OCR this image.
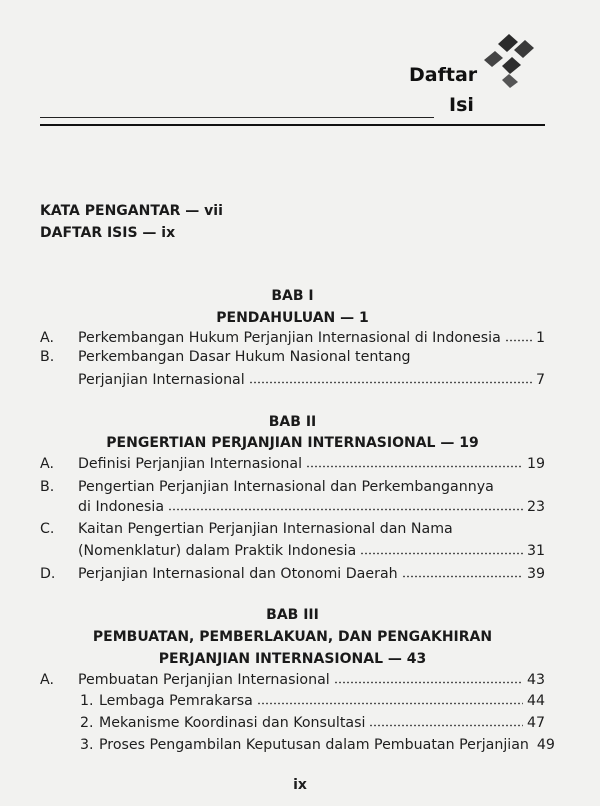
Daftar
Isi
KATA PENGANTAR — vii
DAFTAR ISIS — ix
BAB I
PENDAHULUAN — 1
A. Perkembangan Hukum Perjanjian Internasional di Indonesia 1
B. Perkembangan Dasar Hukum Nasional tentang
Perjanjian Internasional	7
BAB II
PENGERTIAN PERJANJIAN INTERNASIONAL — 19
A. Definisi Perjanjian Internasional	19
B. Pengertian Perjanjian Internasional dan Perkembangannya
di Indonesia	23
C. Kaitan Pengertian Perjanjian Internasional dan Nama
(Nomenklatur) dalam Praktik Indonesia	31
D. Perjanjian Internasional dan Otonomi Daerah	39
BAB III
PEMBUATAN, PEMBERLAKUAN, DAN PENGAKHIRAN
PERJANJIAN INTERNASIONAL — 43
A. Pembuatan Perjanjian Internasional	43
1. Lembaga Pemrakarsa	44
2. Mekanisme Koordinasi dan Konsultasi	47
3. Proses Pengambilan Keputusan dalam Pembuatan Perjanjian 49
ix
